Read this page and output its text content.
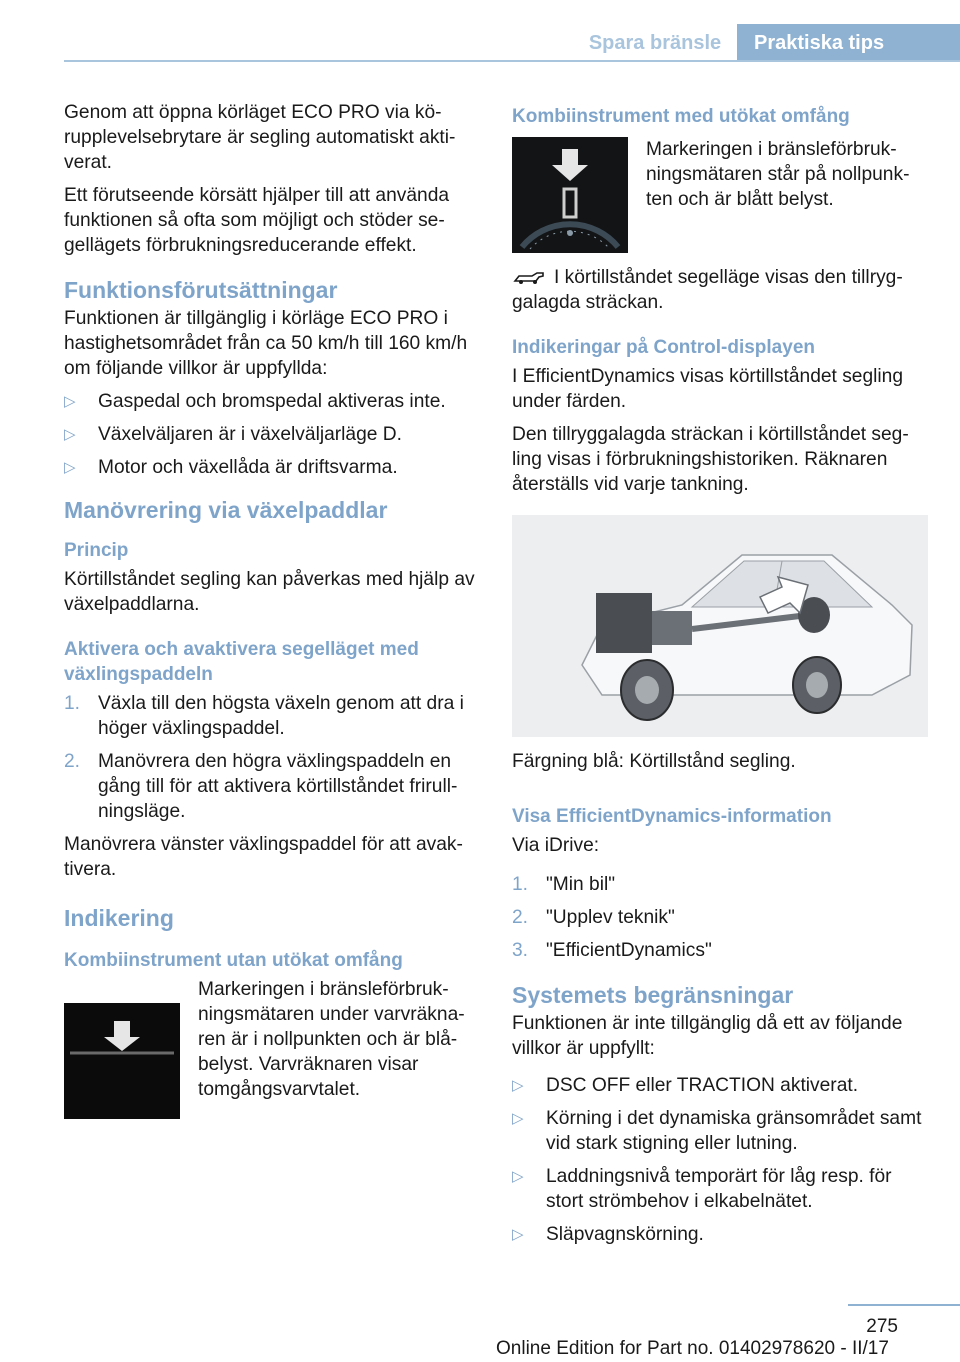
Spara bränsle	Praktiska tips

Genom att öppna körläget ECO PRO via körupplevelsebrytare är segling automatiskt aktiverat.

Ett förutseende körsätt hjälper till att använda funktionen så ofta som möjligt och stöder segellägets förbrukningsreducerande effekt.

Funktionsförutsättningar

Funktionen är tillgänglig i körläge ECO PRO i hastighetsområdet från ca 50 km/h till 160 km/h om följande villkor är uppfyllda:

▷ Gaspedal och bromspedal aktiveras inte.
▷ Växelväljaren är i växelväljarläge D.
▷ Motor och växellåda är driftsvarma.
Manövrering via växelpaddlar
Princip

Körtillståndet segling kan påverkas med hjälp av växelpaddlarna.

Aktivera och avaktivera segelläget med växlingspaddeln
1. Växla till den högsta växeln genom att dra i höger växlingspaddel.
2. Manövrera den högra växlingspaddeln en gång till för att aktivera körtillståndet frirullningsläge.

Manövrera vänster växlingspaddel för att avaktivera.

Indikering
Kombiinstrument utan utökat omfång

Markeringen i bränsleförbrukningsmätaren under varvräknaren är i nollpunkten och är blåbelyst. Varvräknaren visar tomgångsvarvtalet.

Kombiinstrument med utökat omfång

Markeringen i bränsleförbrukningsmätaren står på nollpunkten och är blått belyst.

I körtillståndet segelläge visas den tillryggalagda sträckan.

Indikeringar på Control-displayen

I EfficientDynamics visas körtillståndet segling under färden.

Den tillryggalagda sträckan i körtillståndet segling visas i förbrukningshistoriken. Räknaren återställs vid varje tankning.

Färgning blå: Körtillstånd segling.

Visa EfficientDynamics-information

Via iDrive:

1. "Min bil"
2. "Upplev teknik"
3. "EfficientDynamics"
Systemets begränsningar

Funktionen är inte tillgänglig då ett av följande villkor är uppfyllt:

▷ DSC OFF eller TRACTION aktiverat.
▷ Körning i det dynamiska gränsområdet samt vid stark stigning eller lutning.
▷ Laddningsnivå temporärt för låg resp. för stort strömbehov i elkabelnätet.
▷ Släpvagnskörning.
275
Online Edition for Part no. 01402978620 - II/17
